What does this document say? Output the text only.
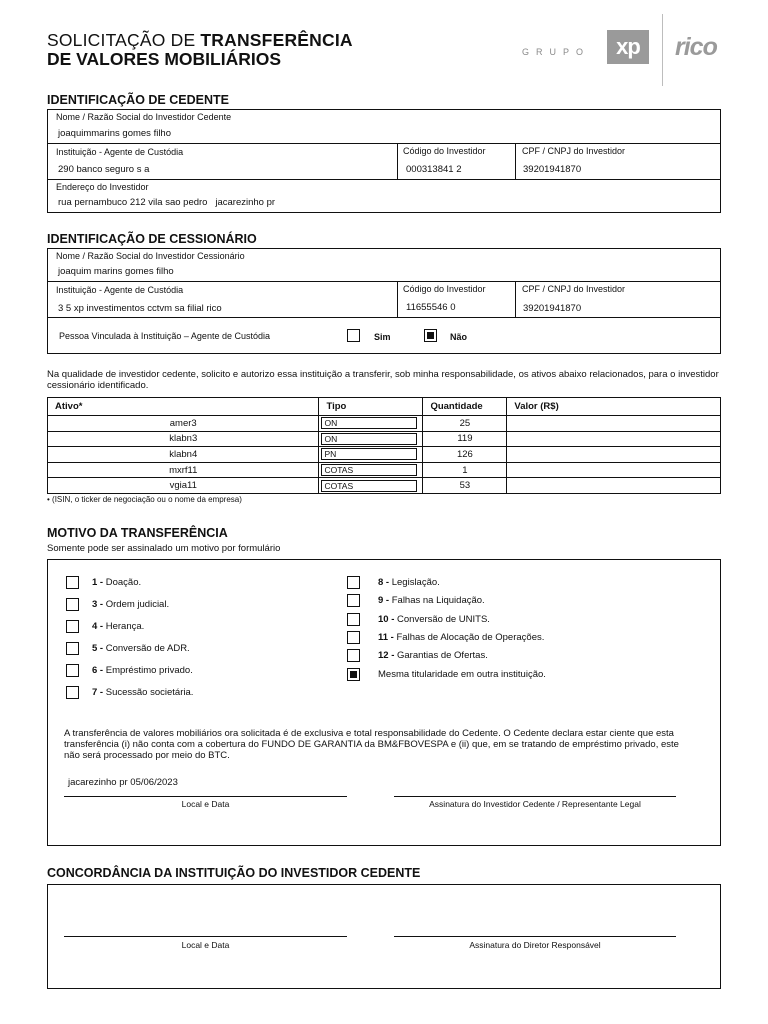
SOLICITAÇÃO DE TRANSFERÊNCIA
DE VALORES MOBILIÁRIOS	GRUPO	xp	rico
IDENTIFICAÇÃO DE CEDENTE
Nome / Razão Social do Investidor Cedente
joaquimmarins gomes filho
Instituição - Agente de Custódia
290 banco seguro s a
Código do Investidor
000313841 2
CPF / CNPJ do Investidor
39201941870
Endereço do Investidor
rua pernambuco 212 vila sao pedro   jacarezinho pr
IDENTIFICAÇÃO DE CESSIONÁRIO
Nome / Razão Social do Investidor Cessionário
joaquim marins gomes filho
Instituição - Agente de Custódia
3 5 xp investimentos cctvm sa filial rico
Código do Investidor
11655546 0
CPF / CNPJ do Investidor
39201941870
Pessoa Vinculada à Instituição – Agente de Custódia	Sim	Não
Na qualidade de investidor cedente, solicito e autorizo essa instituição a transferir, sob minha responsabilidade, os ativos abaixo relacionados, para o investidor cessionário identificado.
Ativo*	Tipo	Quantidade	Valor (R$)
amer3	ON	25	
klabn3	ON	119	
klabn4	PN	126	
mxrf11	COTAS	1	
vgia11	COTAS	53	
• (ISIN, o ticker de negociação ou o nome da empresa)
MOTIVO DA TRANSFERÊNCIA
Somente pode ser assinalado um motivo por formulário
1 - Doação.
3 - Ordem judicial.
4 - Herança.
5 - Conversão de ADR.
6 - Empréstimo privado.
7 - Sucessão societária.
8 - Legislação.
9 - Falhas na Liquidação.
10 - Conversão de UNITS.
11 - Falhas de Alocação de Operações.
12 - Garantias de Ofertas.
Mesma titularidade em outra instituição.
A transferência de valores mobiliários ora solicitada é de exclusiva e total responsabilidade do Cedente. O Cedente declara estar ciente que esta transferência (i) não conta com a cobertura do FUNDO DE GARANTIA da BM&FBOVESPA e (ii) que, em se tratando de empréstimo privado, este não será processado por meio do BTC.
jacarezinho pr 05/06/2023
Local e Data	Assinatura do Investidor Cedente / Representante Legal
CONCORDÂNCIA DA INSTITUIÇÃO DO INVESTIDOR CEDENTE
Local e Data	Assinatura do Diretor Responsável
